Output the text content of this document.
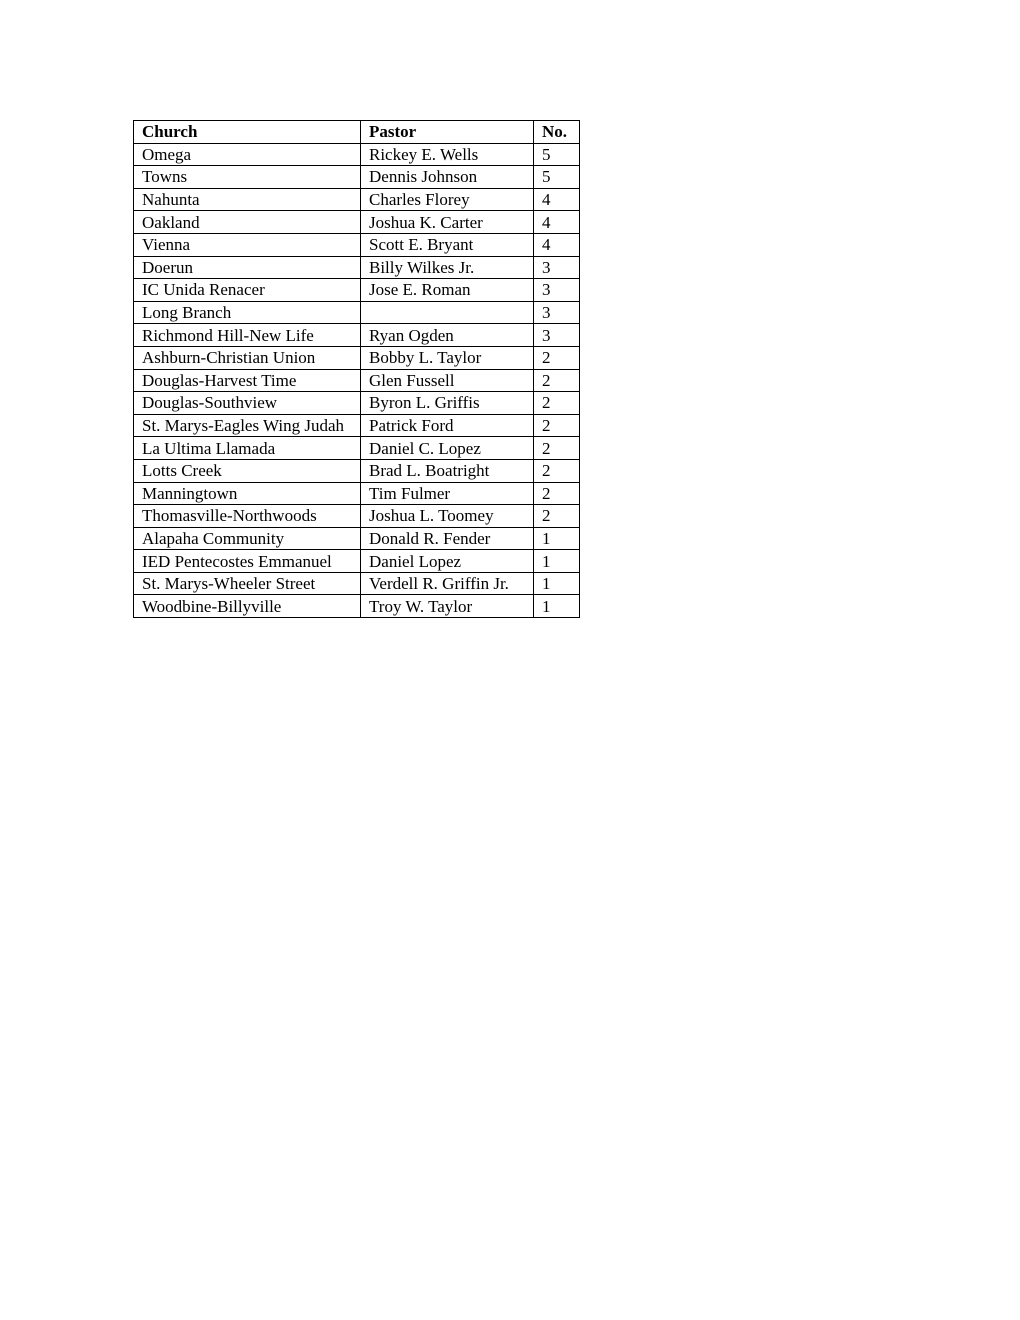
Church	Pastor	No.
Omega	Rickey E. Wells	5
Towns	Dennis Johnson	5
Nahunta	Charles Florey	4
Oakland	Joshua K. Carter	4
Vienna	Scott E. Bryant	4
Doerun	Billy Wilkes Jr.	3
IC Unida Renacer	Jose E. Roman	3
Long Branch		3
Richmond Hill-New Life	Ryan Ogden	3
Ashburn-Christian Union	Bobby L. Taylor	2
Douglas-Harvest Time	Glen Fussell	2
Douglas-Southview	Byron L. Griffis	2
St. Marys-Eagles Wing Judah	Patrick Ford	2
La Ultima Llamada	Daniel C. Lopez	2
Lotts Creek	Brad L. Boatright	2
Manningtown	Tim Fulmer	2
Thomasville-Northwoods	Joshua L. Toomey	2
Alapaha Community	Donald R. Fender	1
IED Pentecostes Emmanuel	Daniel Lopez	1
St. Marys-Wheeler Street	Verdell R. Griffin Jr.	1
Woodbine-Billyville	Troy W. Taylor	1
